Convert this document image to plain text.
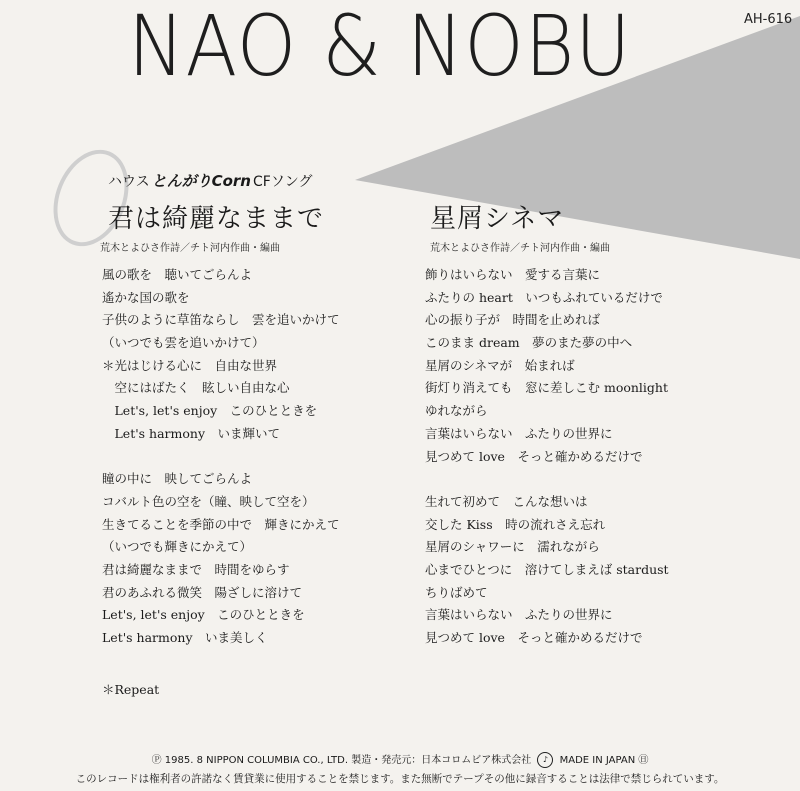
NAO & NOBU	AH-616
ハウス とんがりCorn CFソング
君は綺麗なままで
荒木とよひさ作詩／チト河内作曲・編曲
風の歌を　聴いてごらんよ
遙かな国の歌を
子供のように草笛ならし　雲を追いかけて
（いつでも雲を追いかけて）
＊光はじける心に　自由な世界
　空にはばたく　眩しい自由な心
　Let's, let's enjoy　このひとときを
　Let's harmony　いま輝いて
瞳の中に　映してごらんよ
コバルト色の空を（瞳、映して空を）
生きてることを季節の中で　輝きにかえて
（いつでも輝きにかえて）
君は綺麗なままで　時間をゆらす
君のあふれる微笑　陽ざしに溶けて
Let's, let's enjoy　このひとときを
Let's harmony　いま美しく
＊Repeat
星屑シネマ
荒木とよひさ作詩／チト河内作曲・編曲
飾りはいらない　愛する言葉に
ふたりの heart　いつもふれているだけで
心の振り子が　時間を止めれば
このまま dream　夢のまた夢の中へ
星屑のシネマが　始まれば
街灯り消えても　窓に差しこむ moonlight
ゆれながら
言葉はいらない　ふたりの世界に
見つめて love　そっと確かめるだけで
生れて初めて　こんな想いは
交した Kiss　時の流れさえ忘れ
星屑のシャワーに　濡れながら
心までひとつに　溶けてしまえば stardust
ちりばめて
言葉はいらない　ふたりの世界に
見つめて love　そっと確かめるだけで
Ⓟ 1985. 8 NIPPON COLUMBIA CO., LTD. 製造・発売元：日本コロムビア株式会社 ♪ MADE IN JAPAN ㊐
このレコードは権利者の許諾なく賃貸業に使用することを禁じます。また無断でテープその他に録音することは法律で禁じられています。
